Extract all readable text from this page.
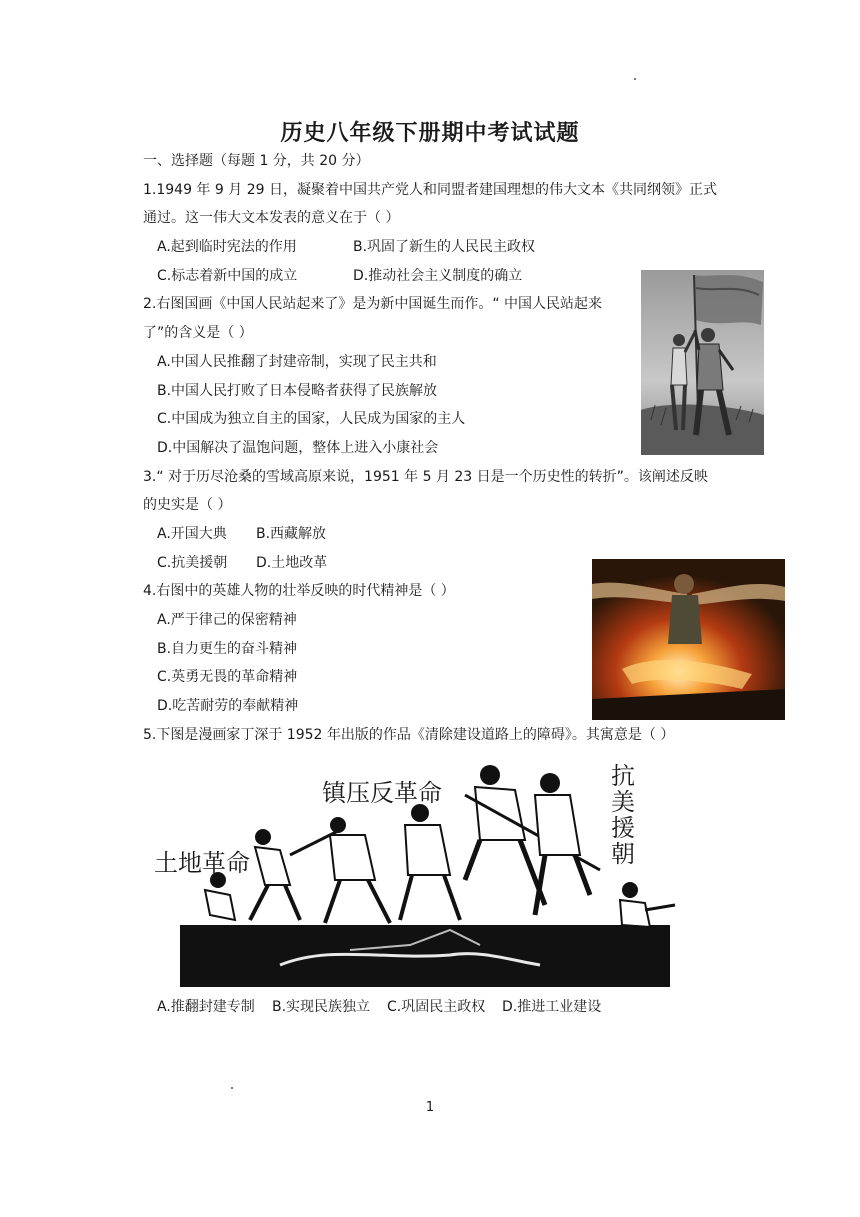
历史八年级下册期中考试试题
一、选择题（每题 1 分，共 20 分）
1.1949 年 9 月 29 日，凝聚着中国共产党人和同盟者建国理想的伟大文本《共同纲领》正式
通过。这一伟大文本发表的意义在于（ ）
A.起到临时宪法的作用	B.巩固了新生的人民民主政权
C.标志着新中国的成立	D.推动社会主义制度的确立
2.右图国画《中国人民站起来了》是为新中国诞生而作。“ 中国人民站起来
了”的含义是（ ）
A.中国人民推翻了封建帝制，实现了民主共和
B.中国人民打败了日本侵略者获得了民族解放
C.中国成为独立自主的国家，人民成为国家的主人
D.中国解决了温饱问题，整体上进入小康社会
3.“ 对于历尽沧桑的雪域高原来说，1951 年 5 月 23 日是一个历史性的转折”。该阐述反映
的史实是（ ）
A.开国大典 B.西藏解放
C.抗美援朝 D.土地改革
4.右图中的英雄人物的壮举反映的时代精神是（ ）
A.严于律己的保密精神
B.自力更生的奋斗精神
C.英勇无畏的革命精神
D.吃苦耐劳的奉献精神
5.下图是漫画家丁深于 1952 年出版的作品《清除建设道路上的障碍》。其寓意是（ ）
镇压反革命
土地革命
抗美援朝
A.推翻封建专制 B.实现民族独立 C.巩固民主政权 D.推进工业建设
1
